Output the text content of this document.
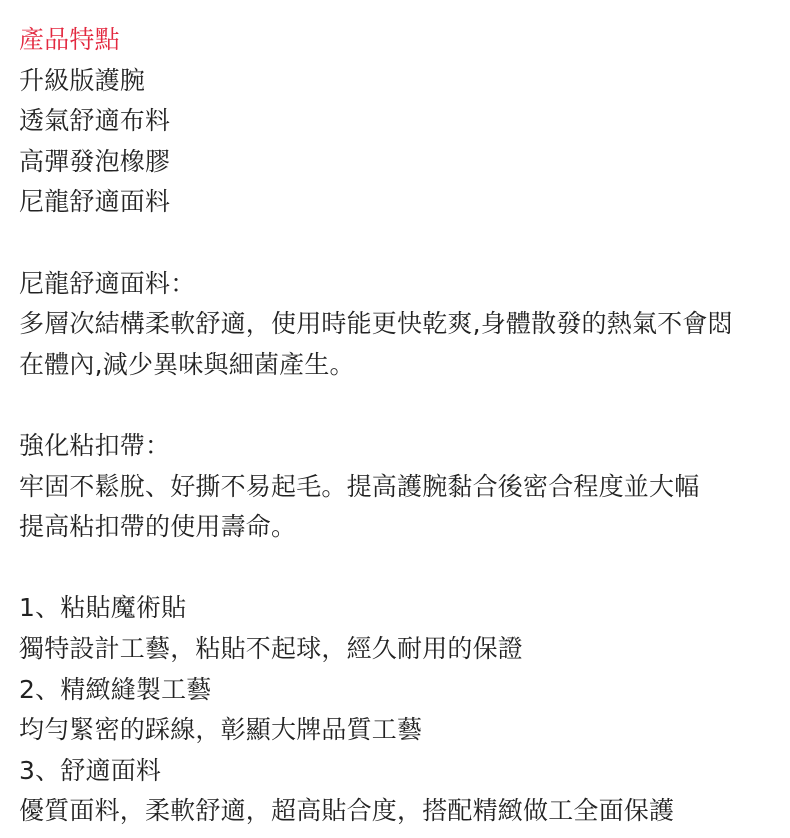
產品特點
升級版護腕
透氣舒適布料
高彈發泡橡膠
尼龍舒適面料
尼龍舒適面料：
多層次結構柔軟舒適，使用時能更快乾爽,身體散發的熱氣不會悶
在體內,減少異味與細菌產生。
強化粘扣帶：
牢固不鬆脫、好撕不易起毛。提高護腕黏合後密合程度並大幅
提高粘扣帶的使用壽命。
1、粘貼魔術貼
獨特設計工藝，粘貼不起球，經久耐用的保證
2、精緻縫製工藝
均勻緊密的踩線，彰顯大牌品質工藝
3、舒適面料
優質面料，柔軟舒適，超高貼合度，搭配精緻做工全面保護
